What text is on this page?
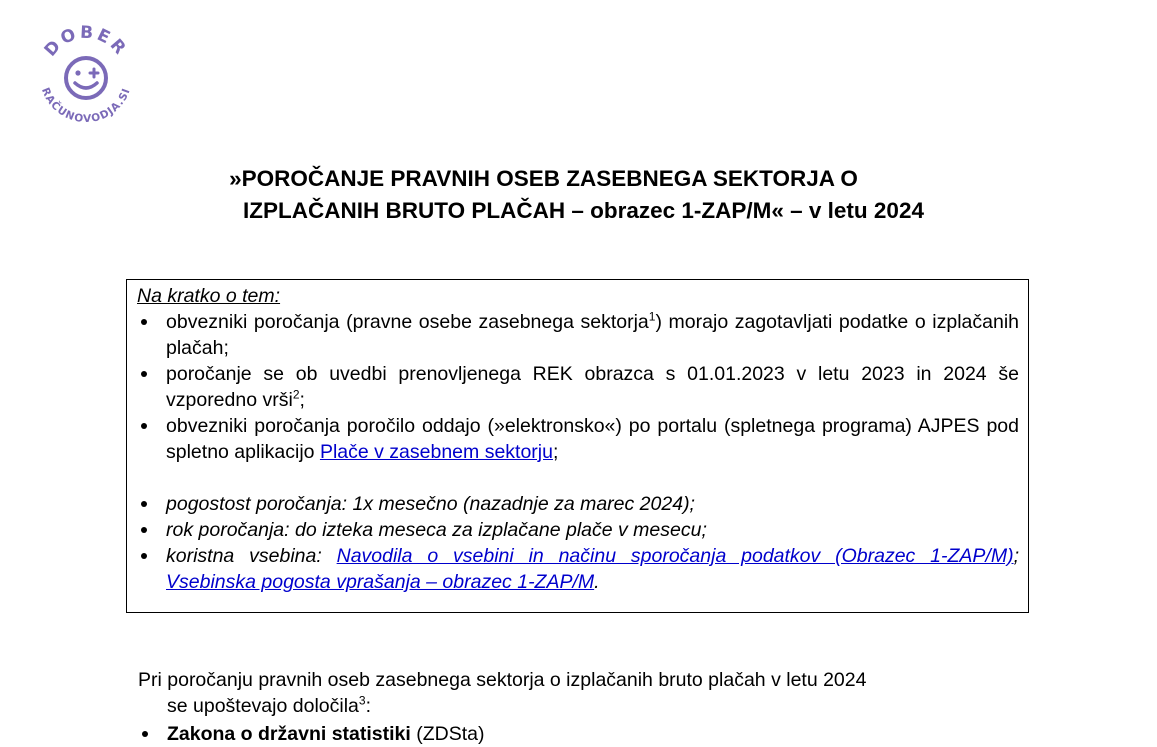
DOBER
RAČUNOVODJA.SI
»POROČANJE PRAVNIH OSEB ZASEBNEGA SEKTORJA O
IZPLAČANIH BRUTO PLAČAH – obrazec 1-ZAP/M« – v letu 2024
Na kratko o tem:
obvezniki poročanja (pravne osebe zasebnega sektorja$^1$) morajo zagotavljati podatke o izplačanih plačah;
poročanje se ob uvedbi prenovljenega REK obrazca s 01.01.2023 v letu 2023 in 2024 še vzporedno vrši$^2$;
obvezniki poročanja poročilo oddajo (»elektronsko«) po portalu (spletnega programa) AJPES pod spletno aplikacijo Plače v zasebnem sektorju;
pogostost poročanja: 1x mesečno (nazadnje za marec 2024);
rok poročanja: do izteka meseca za izplačane plače v mesecu;
koristna vsebina: Navodila o vsebini in načinu sporočanja podatkov (Obrazec 1-ZAP/M); Vsebinska pogosta vprašanja – obrazec 1-ZAP/M.
Pri poročanju pravnih oseb zasebnega sektorja o izplačanih bruto plačah v letu 2024
se upoštevajo določila$^3$:
Zakona o državni statistiki (ZDSta)
